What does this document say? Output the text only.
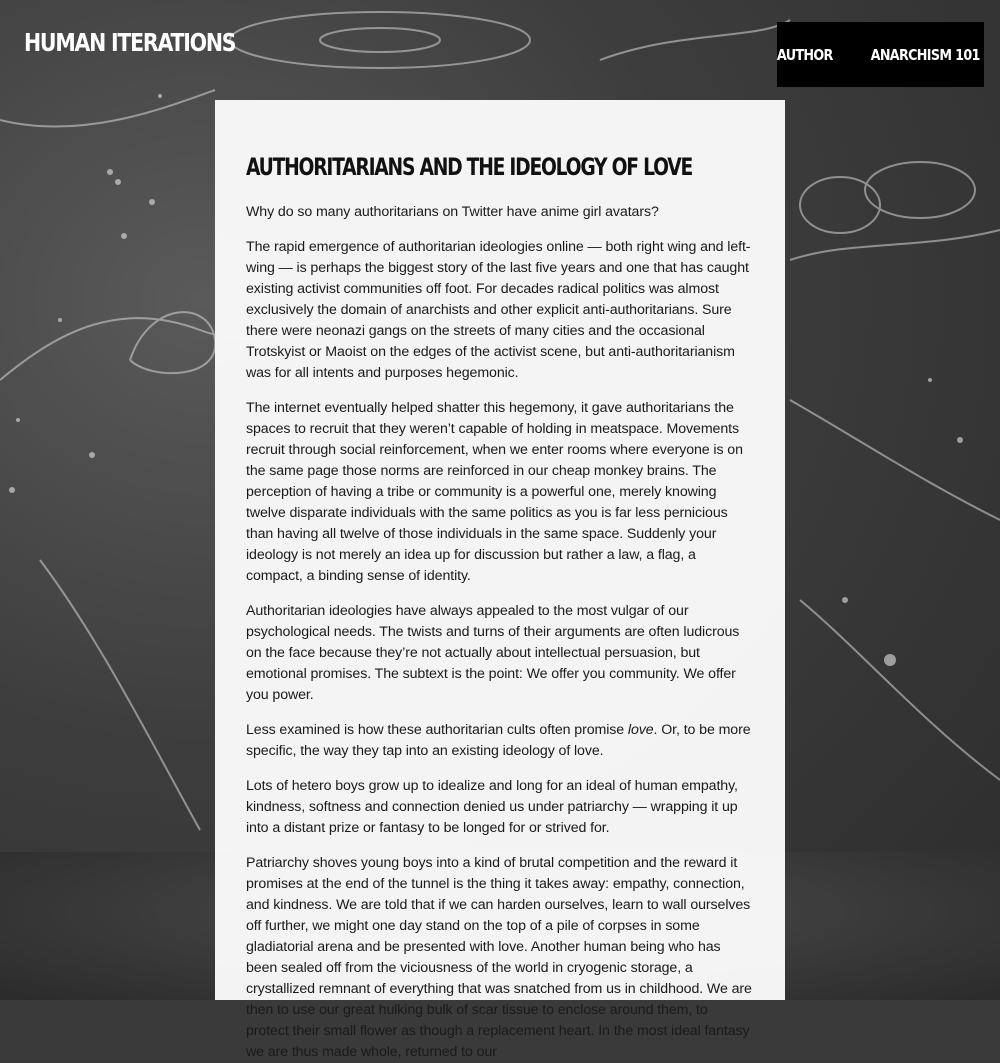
HUMAN ITERATIONS	AUTHOR	ANARCHISM 101
AUTHORITARIANS AND THE IDEOLOGY OF LOVE

Why do so many authoritarians on Twitter have anime girl avatars?

The rapid emergence of authoritarian ideologies online — both right wing and left-wing — is perhaps the biggest story of the last five years and one that has caught existing activist communities off foot. For decades radical politics was almost exclusively the domain of anarchists and other explicit anti-authoritarians. Sure there were neonazi gangs on the streets of many cities and the occasional Trotskyist or Maoist on the edges of the activist scene, but anti-authoritarianism was for all intents and purposes hegemonic.

The internet eventually helped shatter this hegemony, it gave authoritarians the spaces to recruit that they weren’t capable of holding in meatspace. Movements recruit through social reinforcement, when we enter rooms where everyone is on the same page those norms are reinforced in our cheap monkey brains. The perception of having a tribe or community is a powerful one, merely knowing twelve disparate individuals with the same politics as you is far less pernicious than having all twelve of those individuals in the same space. Suddenly your ideology is not merely an idea up for discussion but rather a law, a flag, a compact, a binding sense of identity.

Authoritarian ideologies have always appealed to the most vulgar of our psychological needs. The twists and turns of their arguments are often ludicrous on the face because they’re not actually about intellectual persuasion, but emotional promises. The subtext is the point: We offer you community. We offer you power.

Less examined is how these authoritarian cults often promise love. Or, to be more specific, the way they tap into an existing ideology of love.

Lots of hetero boys grow up to idealize and long for an ideal of human empathy, kindness, softness and connection denied us under patriarchy — wrapping it up into a distant prize or fantasy to be longed for or strived for.

Patriarchy shoves young boys into a kind of brutal competition and the reward it promises at the end of the tunnel is the thing it takes away: empathy, connection, and kindness. We are told that if we can harden ourselves, learn to wall ourselves off further, we might one day stand on the top of a pile of corpses in some gladiatorial arena and be presented with love. Another human being who has been sealed off from the viciousness of the world in cryogenic storage, a crystallized remnant of everything that was snatched from us in childhood. We are then to use our great hulking bulk of scar tissue to enclose around them, to protect their small flower as though a replacement heart. In the most ideal fantasy we are thus made whole, returned to our
